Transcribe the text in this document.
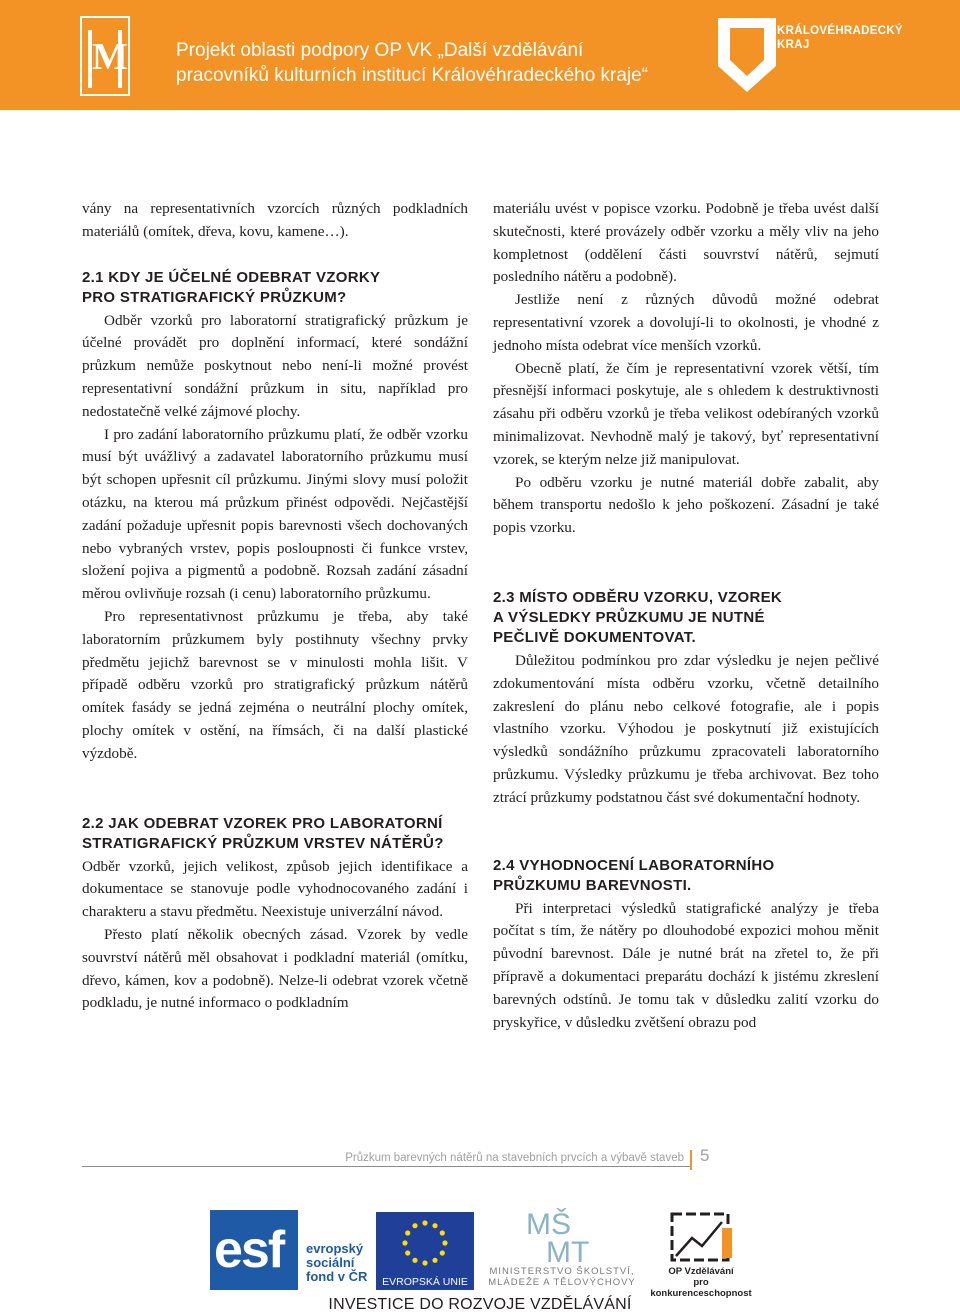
M	Projekt oblasti podpory OP VK „Další vzdělávání
pracovníků kulturních institucí Královéhradeckého kraje“
KRÁLOVÉHRADECKÝ
KRAJ

vány na representativních vzorcích různých podkladních materiálů (omítek, dřeva, kovu, kamene…).

2.1 KDY JE ÚČELNÉ ODEBRAT VZORKY
PRO STRATIGRAFICKÝ PRŮZKUM?

Odběr vzorků pro laboratorní stratigrafický průzkum je účelné provádět pro doplnění informací, které sondážní průzkum nemůže poskytnout nebo není-li možné provést representativní sondážní průzkum in situ, například pro nedostatečně velké zájmové plochy.

I pro zadání laboratorního průzkumu platí, že odběr vzorku musí být uvážlivý a zadavatel laboratorního průzkumu musí být schopen upřesnit cíl průzkumu. Jinými slovy musí položit otázku, na kterou má průzkum přinést odpovědi. Nejčastější zadání požaduje upřesnit popis barevnosti všech dochovaných nebo vybraných vrstev, popis posloupnosti či funkce vrstev, složení pojiva a pigmentů a podobně. Rozsah zadání zásadní měrou ovlivňuje rozsah (i cenu) laboratorního průzkumu.

Pro representativnost průzkumu je třeba, aby také laboratorním průzkumem byly postihnuty všechny prvky předmětu jejichž barevnost se v minulosti mohla lišit. V případě odběru vzorků pro stratigrafický průzkum nátěrů omítek fasády se jedná zejména o neutrální plochy omítek, plochy omítek v ostění, na římsách, či na další plastické výzdobě.

2.2 JAK ODEBRAT VZOREK PRO LABORATORNÍ
STRATIGRAFICKÝ PRŮZKUM VRSTEV NÁTĚRŮ?

Odběr vzorků, jejich velikost, způsob jejich identifikace a dokumentace se stanovuje podle vyhodnocovaného zadání i charakteru a stavu předmětu. Neexistuje univerzální návod.

Přesto platí několik obecných zásad. Vzorek by vedle souvrství nátěrů měl obsahovat i podkladní materiál (omítku, dřevo, kámen, kov a podobně). Nelze-li odebrat vzorek včetně podkladu, je nutné informaco o podkladním

materiálu uvést v popisce vzorku. Podobně je třeba uvést další skutečnosti, které provázely odběr vzorku a měly vliv na jeho kompletnost (oddělení části souvrství nátěrů, sejmutí posledního nátěru a podobně).

Jestliže není z různých důvodů možné odebrat representativní vzorek a dovolují-li to okolnosti, je vhodné z jednoho místa odebrat více menších vzorků.

Obecně platí, že čím je representativní vzorek větší, tím přesnější informaci poskytuje, ale s ohledem k destruktivnosti zásahu při odběru vzorků je třeba velikost odebíraných vzorků minimalizovat. Nevhodně malý je takový, byť representativní vzorek, se kterým nelze již manipulovat.

Po odběru vzorku je nutné materiál dobře zabalit, aby během transportu nedošlo k jeho poškození. Zásadní je také popis vzorku.

2.3 MÍSTO ODBĚRU VZORKU, VZOREK
A VÝSLEDKY PRŮZKUMU JE NUTNÉ
PEČLIVĚ DOKUMENTOVAT.

Důležitou podmínkou pro zdar výsledku je nejen pečlivé zdokumentování místa odběru vzorku, včetně detailního zakreslení do plánu nebo celkové fotografie, ale i popis vlastního vzorku. Výhodou je poskytnutí již existujících výsledků sondážního průzkumu zpracovateli laboratorního průzkumu. Výsledky průzkumu je třeba archivovat. Bez toho ztrácí průzkumy podstatnou část své dokumentační hodnoty.

2.4 VYHODNOCENÍ LABORATORNÍHO
PRŮZKUMU BAREVNOSTI.

Při interpretaci výsledků statigrafické analýzy je třeba počítat s tím, že nátěry po dlouhodobé expozici mohou měnit původní barevnost. Dále je nutné brát na zřetel to, že při přípravě a dokumentaci preparátu dochází k jistému zkreslení barevných odstínů. Je tomu tak v důsledku zalití vzorku do pryskyřice, v důsledku zvětšení obrazu pod

Průzkum barevných nátěrů na stavebních prvcích a výbavě staveb 5
esf evropský
sociální
fond v ČR	EVROPSKÁ UNIE
MŠ
MT
MINISTERSTVO ŠKOLSTVÍ,
MLÁDEŽE A TĚLOVÝCHOVY
OP Vzdělávání
pro konkurenceschopnost
INVESTICE DO ROZVOJE VZDĚLÁVÁNÍ
